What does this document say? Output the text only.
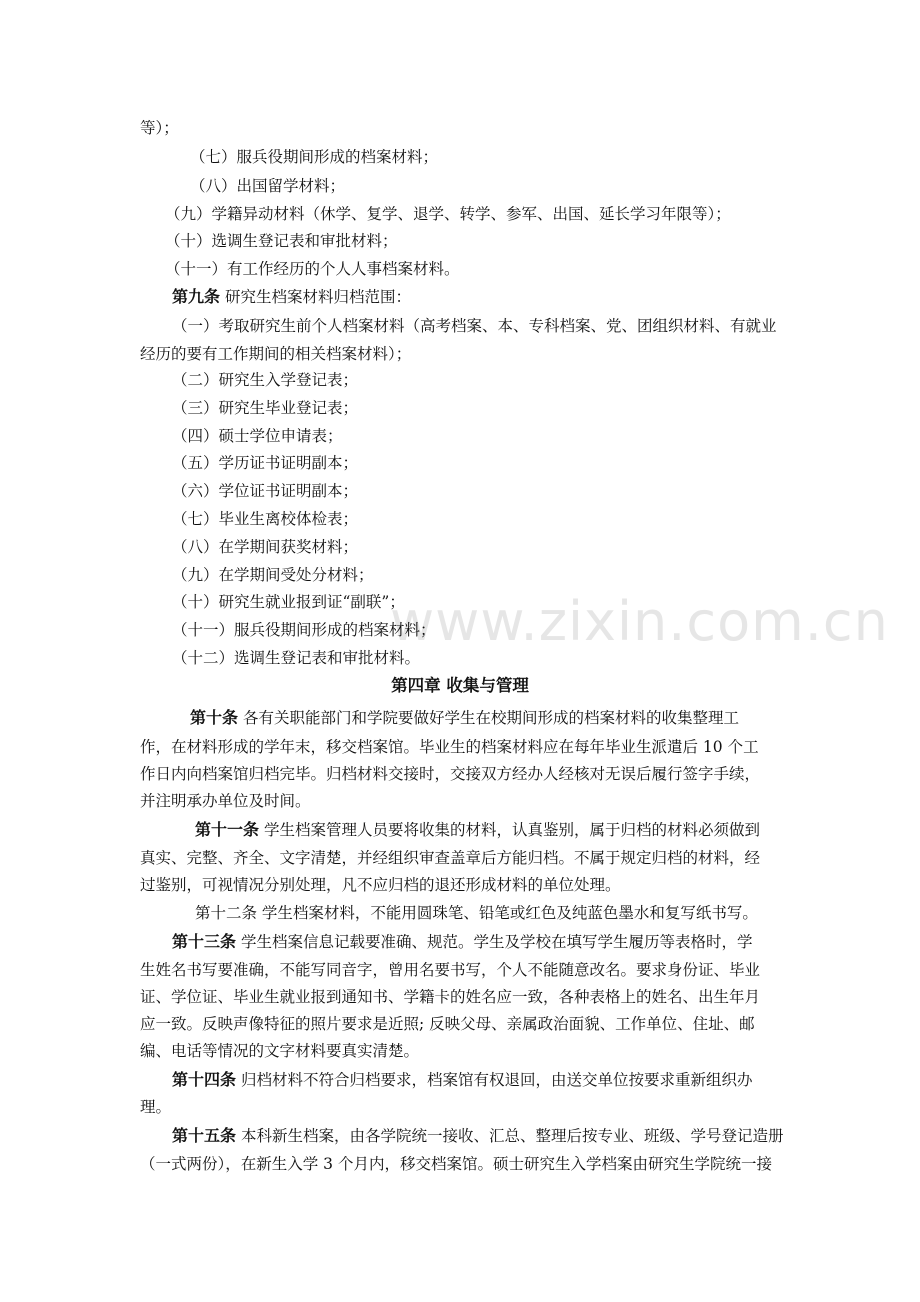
www.zixin.com.cn
等）；
（七）服兵役期间形成的档案材料；
（八）出国留学材料；
（九）学籍异动材料（休学、复学、退学、转学、参军、出国、延长学习年限等）；
（十）选调生登记表和审批材料；
（十一）有工作经历的个人人事档案材料。
第九条 研究生档案材料归档范围：
（一）考取研究生前个人档案材料（高考档案、本、专科档案、党、团组织材料、有就业
经历的要有工作期间的相关档案材料）；
（二）研究生入学登记表；
（三）研究生毕业登记表；
（四）硕士学位申请表；
（五）学历证书证明副本；
（六）学位证书证明副本；
（七）毕业生离校体检表；
（八）在学期间获奖材料；
（九）在学期间受处分材料；
（十）研究生就业报到证“副联”；
（十一）服兵役期间形成的档案材料；
（十二）选调生登记表和审批材料。
第四章 收集与管理
第十条 各有关职能部门和学院要做好学生在校期间形成的档案材料的收集整理工
作，在材料形成的学年末，移交档案馆。毕业生的档案材料应在每年毕业生派遣后 10 个工
作日内向档案馆归档完毕。归档材料交接时，交接双方经办人经核对无误后履行签字手续，
并注明承办单位及时间。
第十一条 学生档案管理人员要将收集的材料，认真鉴别，属于归档的材料必须做到
真实、完整、齐全、文字清楚，并经组织审查盖章后方能归档。不属于规定归档的材料，经
过鉴别，可视情况分别处理，凡不应归档的退还形成材料的单位处理。
第十二条 学生档案材料，不能用圆珠笔、铅笔或红色及纯蓝色墨水和复写纸书写。
第十三条 学生档案信息记载要准确、规范。学生及学校在填写学生履历等表格时，学
生姓名书写要准确，不能写同音字，曾用名要书写，个人不能随意改名。要求身份证、毕业
证、学位证、毕业生就业报到通知书、学籍卡的姓名应一致，各种表格上的姓名、出生年月
应一致。反映声像特征的照片要求是近照; 反映父母、亲属政治面貌、工作单位、住址、邮
编、电话等情况的文字材料要真实清楚。
第十四条 归档材料不符合归档要求，档案馆有权退回，由送交单位按要求重新组织办
理。
第十五条 本科新生档案，由各学院统一接收、汇总、整理后按专业、班级、学号登记造册
（一式两份），在新生入学 3 个月内，移交档案馆。硕士研究生入学档案由研究生学院统一接
